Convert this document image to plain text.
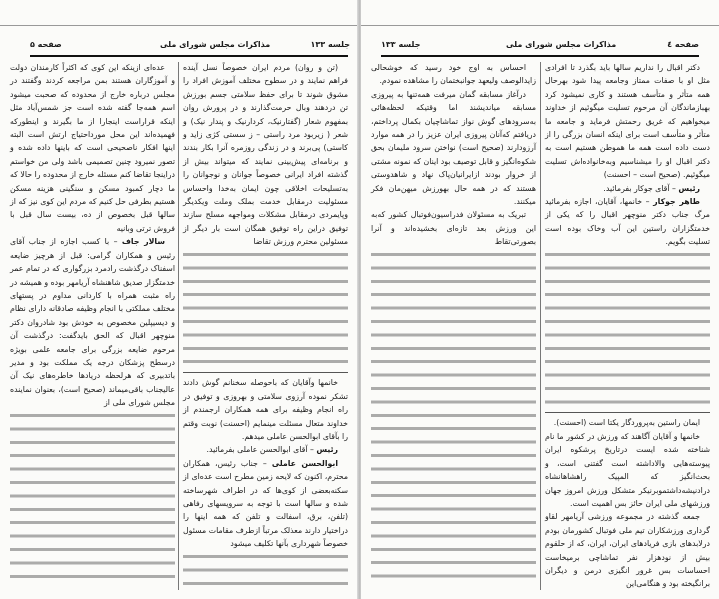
صفحه ۵	مذاکرات مجلس شورای ملی	جلسه ۱۳۳

عده‌ای ازینکه این کوی که اکثراً کارمندان دولت و آموزگاران هستند بمن مراجعه کردند وگفتند در مجلس درباره خارج از محدوده که صحبت میشود اسم همه‌جا گفته شده است جز شمس‌آباد مثل اینکه قراراست اینجارا از ما بگیرند و اینطورکه فهمیده‌اند این محل مورداحتیاج ارتش است البته اینها افکار ناصحیحی است که باینها داده شده و تصور نمیرود چنین تصمیمی باشد ولی من خواستم دراینجا تقاضا کنم مسئله خارج از محدوده را حالا که ما دچار کمبود مسکن و سنگینی هزینه مسکن هستیم بطرفی حل کنیم که مردم این کوی نیز که از سالها قبل بخصوص از ده، بیست سال قبل با فروش ترتی وبانیه

سالار جاف – با کسب اجازه از جناب آقای رئیس و همکاران گرامی: قبل از هرچیز ضایعه اسفناک درگذشت رادمرد بزرگواری که در تمام عمر خدمتگزار صدیق شاهنشاه آریامهر بوده و همیشه در راه مثبت همراه با کاردانی مداوم در پستهای مختلف مملکتی با انجام وظیفه صادقانه دارای نظام و دیسیپلین مخصوص به خودش بود شادروان دکتر منوچهر اقبال که الحق بایدگفت: درگذشت آن مرحوم ضایعه بزرگی برای جامعه علمی بویژه درسطح پزشکان درجه یک مملکت بود و مدیر باتدبیری که هرلحظه دریادها خاطره‌های نیک آن عالیجناب باقی‌میماند (صحیح است)، بعنوان نماینده مجلس شورای ملی از

(تن و روان) مردم ایران خصوصاً نسل آینده فراهم نمایند و در سطوح مختلف آموزش افراد را مشوق شوند تا برای حفظ سلامتی جسم بورزش تن دردهند وبال حرمت‌گذارند و در پرورش روان بمفهوم شعار (گفتارنیک، کردارنیک و پندار نیک) و شعر ( زیربود مرد راستی – ز سستی کژی زاید و کاستی) پی‌برند و در زندگی روزمره آنرا بکار بندند و برنامه‌ای پیش‌بینی نمایند که میتواند بیش از گذشته افراد ایرانی خصوصاً جوانان و نوجوانان را به‌تسلیحات اخلاقی چون ایمان به‌خدا واحساس مسئولیت درمقابل خدمت بملک وملت ویکدیگر وپایمردی درمقابل مشکلات ومواجهه مسلح سازند توفیق دراین راه توفیق همگان است بار دیگر از مسئولین محترم ورزش تقاضا

خانمها وآقایان که باحوصله سخنانم گوش دادند تشکر نموده آرزوی سلامتی و بهروزی و توفیق در راه انجام وظیفه برای همه همکاران ارجمندم از خداوند متعال مسئلت مینمایم (احسنت) نوبت وقتم را بآقای ابوالحسن عاملی میدهم.

رئیس – آقای ابوالحسن عاملی بفرمائید.

ابوالحسن عاملی – جناب رئیس، همکاران محترم، اکنون که لایحه زمین مطرح است عده‌ای از سکنه‌بعضی از کوی‌ها که در اطراف شهرساخته شده و سالها است با توجه به سرویسهای رفاهی (تلفن، برق، اسفالت و تلفن که همه اینها را دراختیار دارند معذلک مرتباً ازطرف مقامات مسئول خصوصاً شهرداری بآنها تکلیف میشود

جلسه ۱۳۳	مذاکرات مجلس شورای ملی	صفحه ٤

احساس به اوج خود رسید که خوشحالی زایدالوصف ولیعهد جوانبختمان را مشاهده نمودم.

درآغاز مسابقه گمان میرفت همه‌تنها به پیروزی مسابقه میاندیشند اما وقتیکه لحظه‌هائی به‌سرودهای گوش نواز تماشاچیان بکمال پرداختم، دریافتم که‌آنان پیروزی ایران عزیز را در همه موارد آرزودارند (صحیح است) نواختن سرود ملیمان بحق شکوه‌انگیز و قابل توصیف بود اینان که نمونه مشتی از خروار بودند ازایرانیان‌پاک نهاد و شاهدوستی هستند که در همه حال بهورزش میهن‌مان فکر میکنند.

تبریک به مسئولان فدراسیون‌فوتبال کشور که‌به این ورزش بعد تازه‌ای بخشیده‌اند و آنرا بصورتی‌تقاط

دکتر اقبال را نداریم سالها باید بگذرد تا افرادی مثل او با صفات ممتاز وجامعه پیدا شود بهرحال همه متأثر و متأسف هستند و کاری نمیشود کرد بهبازماندگان آن مرحوم تسلیت میگوئیم از خداوند میخواهیم که غریق رحمتش فرماید و جامعه ما متأثر و متأسف است برای اینکه انسان بزرگی را از دست داده است همه ما هموطن هستیم است به دکتر اقبال او را میشناسیم وبه‌خانواده‌اش تسلیت میگوئیم. (صحیح است – احسنت)

رئیس – آقای جوکار بفرمائید.

طاهر جوکار – خانمها، آقایان، اجازه بفرمائید مرگ جناب دکتر منوچهر اقبال را که یکی از خدمتگزاران راستین این آب وخاک بوده است تسلیت بگویم.

ایمان راستین به‌پروردگار یکتا است (احسنت).

خانمها و آقایان آگاهند که ورزش در کشور ما نام شناخته شده ایست درتاریخ پرشکوه ایران پیوسته‌هایی والاداشته است گفتنی است، و بحث‌انگیز که المپیک راهشاهانشاه درادنیشه‌داشتمو‌برنیکر متشکل ورزش امروز جهان ورزشهای ملی ایران حائز بس اهمیت است.

جمعه گذشته در مجموعه ورزشی آریامهر لقاو گرداری ورزشکاران تیم ملی فوتبال کشورمان بودم درلابدهای بازی فریادهای ایران، ایران، که از حلقوم بیش از نودهزار نفر تماشاچی برمیخاست احساسات بس غرور انگیزی درمن و دیگران برانگیخته بود و هنگامی‌این
